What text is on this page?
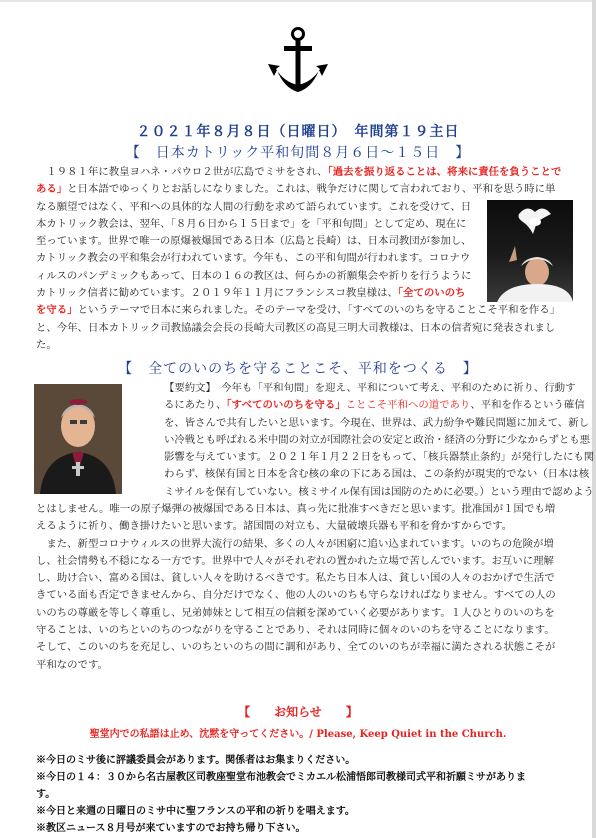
２０２１年８月８日（日曜日）　年間第１９主日
【　日本カトリック平和旬間８月６日～１５日　】
　１９８１年に教皇ヨハネ・パウロ２世が広島でミサをされ、「過去を振り返ることは、将来に責任を負うことで
ある」と日本語でゆっくりとお話しになりました。これは、戦争だけに関して言われており、平和を思う時に単
なる願望ではなく、平和への具体的な人間の行動を求めて語られています。これを受けて、日
本カトリック教会は、翌年、「８月６日から１５日まで」を「平和旬間」として定め、現在に
至っています。世界で唯一の原爆被爆国である日本（広島と長崎）は、日本司教団が参加し、
カトリック教会の平和集会が行われています。今年も、この平和旬間が行われます。コロナウ
ィルスのパンデミックもあって、日本の１６の教区は、何らかの祈願集会や祈りを行うように
カトリック信者に勧めています。２０１９年１１月にフランシスコ教皇様は、「全てのいのち
を守る」というテーマで日本に来られました。そのテーマを受け、「すべてのいのちを守ることこそ平和を作る」
と、今年、日本カトリック司教協議会会長の長崎大司教区の高見三明大司教様は、日本の信者宛に発表されまし
た。
【　全てのいのちを守ることこそ、平和をつくる　】
【要約文】　今年も「平和旬間」を迎え、平和について考え、平和のために祈り、行動す
るにあたり、「すべてのいのちを守る」ことこそ平和への道であり、平和を作るという確信
を、皆さんで共有したいと思います。今現在、世界は、武力紛争や難民問題に加えて、新し
い冷戦とも呼ばれる米中間の対立が国際社会の安定と政治・経済の分野に少なからずとも悪
影響を与えています。２０２１年１月２２日をもって、「核兵器禁止条約」が発行したにも関
わらず、核保有国と日本を含む核の傘の下にある国は、この条約が現実的でない（日本は核
ミサイルを保有していない。核ミサイル保有国は国防のために必要。）という理由で認めよう
とはしません。唯一の原子爆弾の被爆国である日本は、真っ先に批准すべきだと思います。批准国が１国でも増
えるように祈り、働き掛けたいと思います。諸国間の対立も、大量破壊兵器も平和を脅かすからです。
　また、新型コロナウィルスの世界大流行の結果、多くの人々が困窮に追い込まれています。いのちの危険が増
し、社会情勢も不穏になる一方です。世界中で人々がそれぞれの置かれた立場で苦しんでいます。お互いに理解
し、助け合い、富める国は、貧しい人々を助けるべきです。私たち日本人は、貧しい国の人々のおかげで生活で
きている面も否定できませんから、自分だけでなく、他の人のいのちも守らなければなりません。すべての人の
いのちの尊厳を等しく尊重し、兄弟姉妹として相互の信頼を深めていく必要があります。１人ひとりのいのちを
守ることは、いのちといのちのつながりを守ることであり、それは同時に個々のいのちを守ることになります。
そして、このいのちを充足し、いのちといのちの間に調和があり、全てのいのちが幸福に満たされる状態こそが
平和なのです。
【　　お知らせ　　】
聖堂内での私語は止め、沈黙を守ってください。/ Please, Keep Quiet in the Church.
※今日のミサ後に評議委員会があります。関係者はお集まりください。
※今日の１４：３０から名古屋教区司教座聖堂布池教会でミカエル松浦悟郎司教様司式平和祈願ミサがありま
す。
※今日と来週の日曜日のミサ中に聖フランスの平和の祈りを唱えます。
※教区ニュース８月号が来ていますのでお持ち帰り下さい。
